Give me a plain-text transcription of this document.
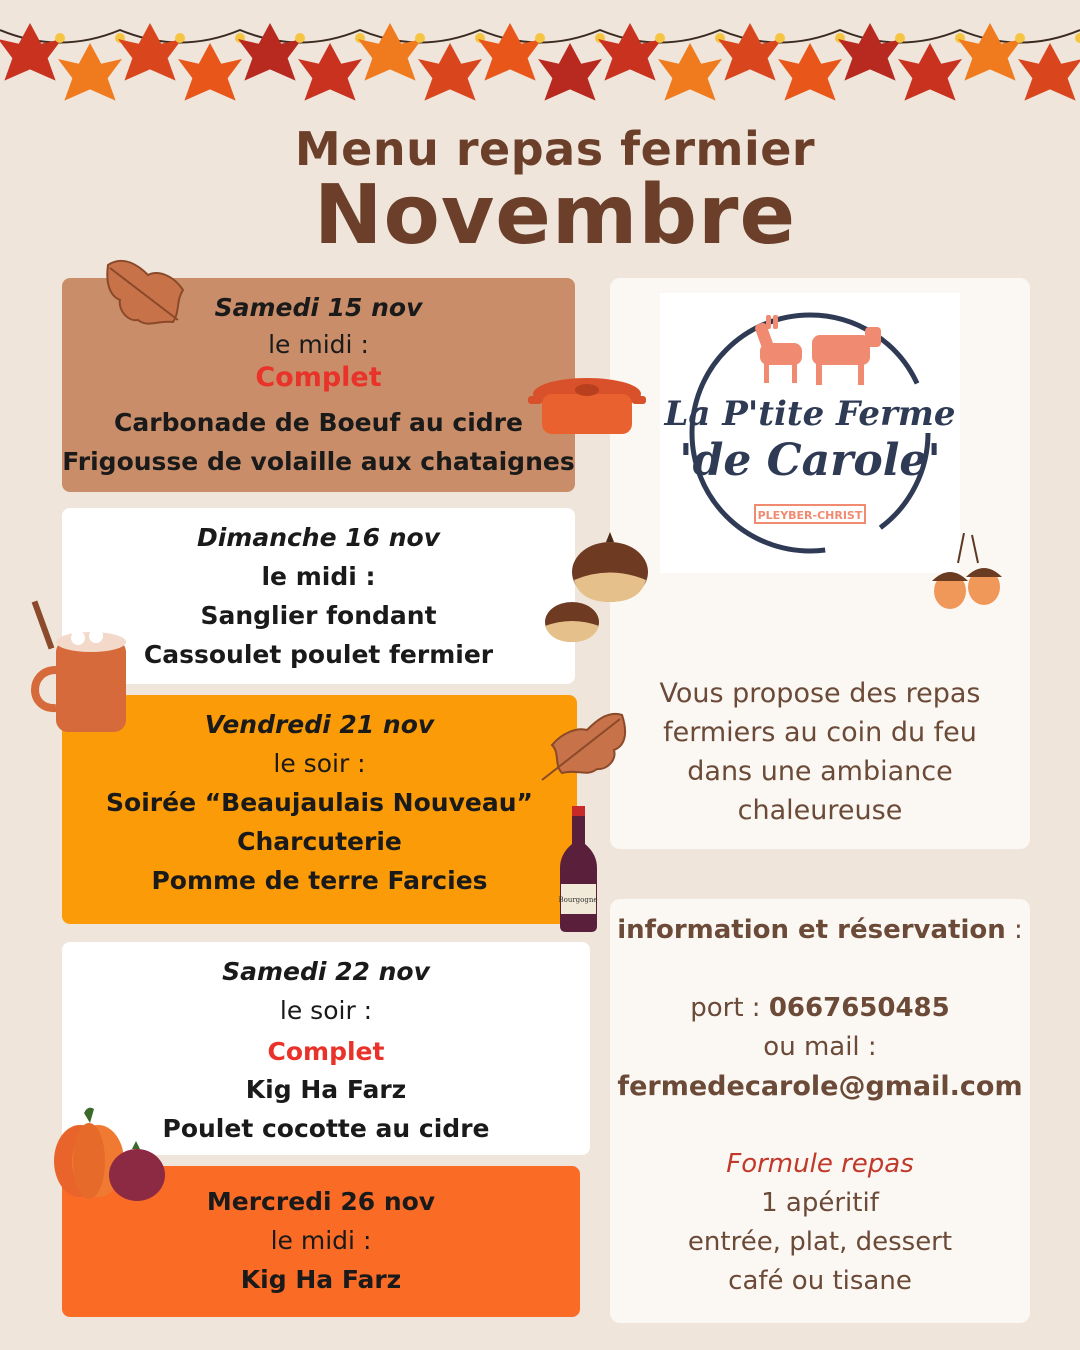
Menu repas fermier
Novembre
Samedi 15 nov
le midi :
Complet
Carbonade de Boeuf au cidre
Frigousse de volaille aux chataignes
Dimanche 16 nov
le midi :
Sanglier fondant
Cassoulet poulet fermier
Vendredi 21 nov
le soir :
Soirée “Beaujaulais Nouveau”
Charcuterie
Pomme de terre Farcies
Samedi 22 nov
le soir :
Complet
Kig Ha Farz
Poulet cocotte au cidre
Mercredi 26 nov
le midi :
Kig Ha Farz
La P'tite Ferme
'de Carole'
PLEYBER-CHRIST
Vous propose des repas
fermiers au coin du feu
dans une ambiance
chaleureuse
information et réservation :

port : 0667650485
ou mail :
fermedecarole@gmail.com

Formule repas
1 apéritif
entrée, plat, dessert
café ou tisane
Bourgogne
